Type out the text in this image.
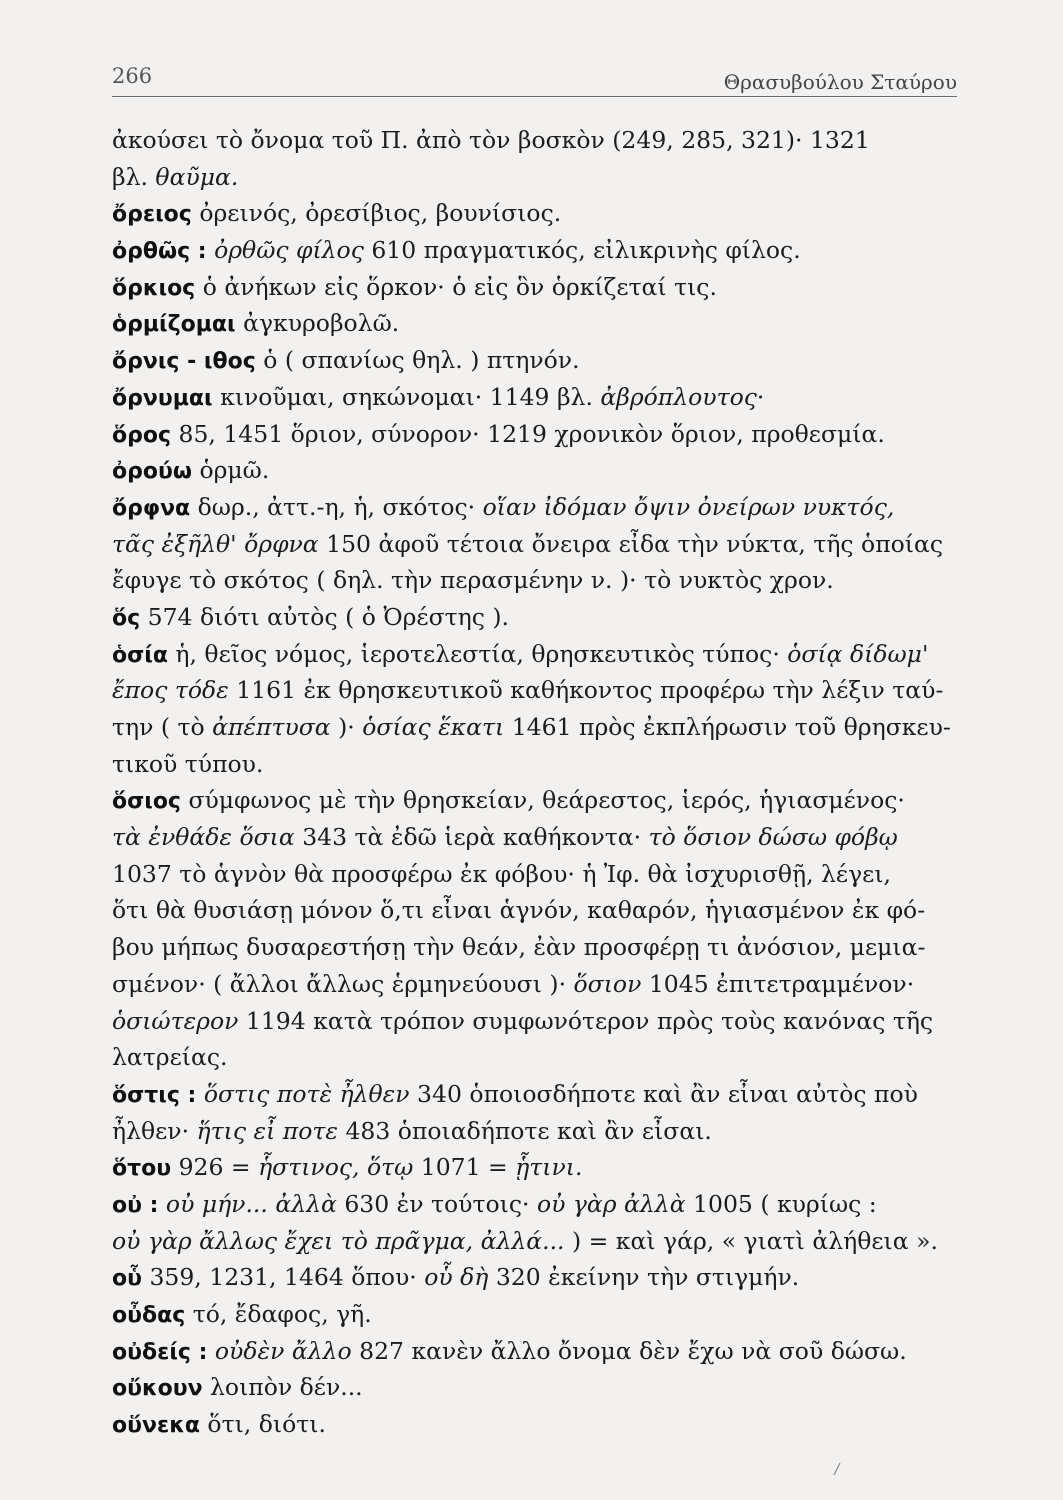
266	Θρασυβούλου Σταύρου
ἀκούσει τὸ ὄνομα τοῦ Π. ἀπὸ τὸν βοσκὸν (249, 285, 321)· 1321
βλ. θαῦμα.
ὄρειος ὀρεινός, ὀρεσίβιος, βουνίσιος.
ὀρθῶς : ὀρθῶς φίλος 610 πραγματικός, εἰλικρινὴς φίλος.
ὅρκιος ὁ ἀνήκων εἰς ὅρκον· ὁ εἰς ὃν ὁρκίζεταί τις.
ὁρμίζομαι ἀγκυροβολῶ.
ὄρνις - ιθος ὁ ( σπανίως θηλ. ) πτηνόν.
ὄρνυμαι κινοῦμαι, σηκώνομαι· 1149 βλ. ἀβρόπλουτος·
ὅρος 85, 1451 ὅριον, σύνορον· 1219 χρονικὸν ὅριον, προθεσμία.
ὀρούω ὁρμῶ.
ὄρφνα δωρ., ἀττ.-η, ἡ, σκότος· οἵαν ἰδόμαν ὄψιν ὀνείρων νυκτός,
τᾶς ἐξῆλθ' ὄρφνα 150 ἀφοῦ τέτοια ὄνειρα εἶδα τὴν νύκτα, τῆς ὁποίας
ἔφυγε τὸ σκότος ( δηλ. τὴν περασμένην ν. )· τὸ νυκτὸς χρον.
ὅς 574 διότι αὐτὸς ( ὁ Ὀρέστης ).
ὁσία ἡ, θεῖος νόμος, ἱεροτελεστία, θρησκευτικὸς τύπος· ὁσίᾳ δίδωμ'
ἔπος τόδε 1161 ἐκ θρησκευτικοῦ καθήκοντος προφέρω τὴν λέξιν ταύ-
την ( τὸ ἀπέπτυσα )· ὁσίας ἕκατι 1461 πρὸς ἐκπλήρωσιν τοῦ θρησκευ-
τικοῦ τύπου.
ὅσιος σύμφωνος μὲ τὴν θρησκείαν, θεάρεστος, ἱερός, ἡγιασμένος·
τὰ ἐνθάδε ὅσια 343 τὰ ἐδῶ ἱερὰ καθήκοντα· τὸ ὅσιον δώσω φόβῳ
1037 τὸ ἁγνὸν θὰ προσφέρω ἐκ φόβου· ἡ Ἰφ. θὰ ἰσχυρισθῇ, λέγει,
ὅτι θὰ θυσιάσῃ μόνον ὅ,τι εἶναι ἁγνόν, καθαρόν, ἡγιασμένον ἐκ φό-
βου μήπως δυσαρεστήσῃ τὴν θεάν, ἐὰν προσφέρῃ τι ἀνόσιον, μεμια-
σμένον· ( ἄλλοι ἄλλως ἑρμηνεύουσι )· ὅσιον 1045 ἐπιτετραμμένον·
ὁσιώτερον 1194 κατὰ τρόπον συμφωνότερον πρὸς τοὺς κανόνας τῆς
λατρείας.
ὅστις : ὅστις ποτὲ ἦλθεν 340 ὁποιοσδήποτε καὶ ἂν εἶναι αὐτὸς ποὺ
ἦλθεν· ἥτις εἶ ποτε 483 ὁποιαδήποτε καὶ ἂν εἶσαι.
ὅτου 926 = ἧστινος, ὅτῳ 1071 = ᾗτινι.
οὐ : οὐ μήν... ἀλλὰ 630 ἐν τούτοις· οὐ γὰρ ἀλλὰ 1005 ( κυρίως :
οὐ γὰρ ἄλλως ἔχει τὸ πρᾶγμα, ἀλλά... ) = καὶ γάρ, « γιατὶ ἀλήθεια ».
οὗ 359, 1231, 1464 ὅπου· οὗ δὴ 320 ἐκείνην τὴν στιγμήν.
οὖδας τό, ἔδαφος, γῆ.
οὐδείς : οὐδὲν ἄλλο 827 κανὲν ἄλλο ὄνομα δὲν ἔχω νὰ σοῦ δώσω.
οὔκουν λοιπὸν δέν...
οὕνεκα ὅτι, διότι.
